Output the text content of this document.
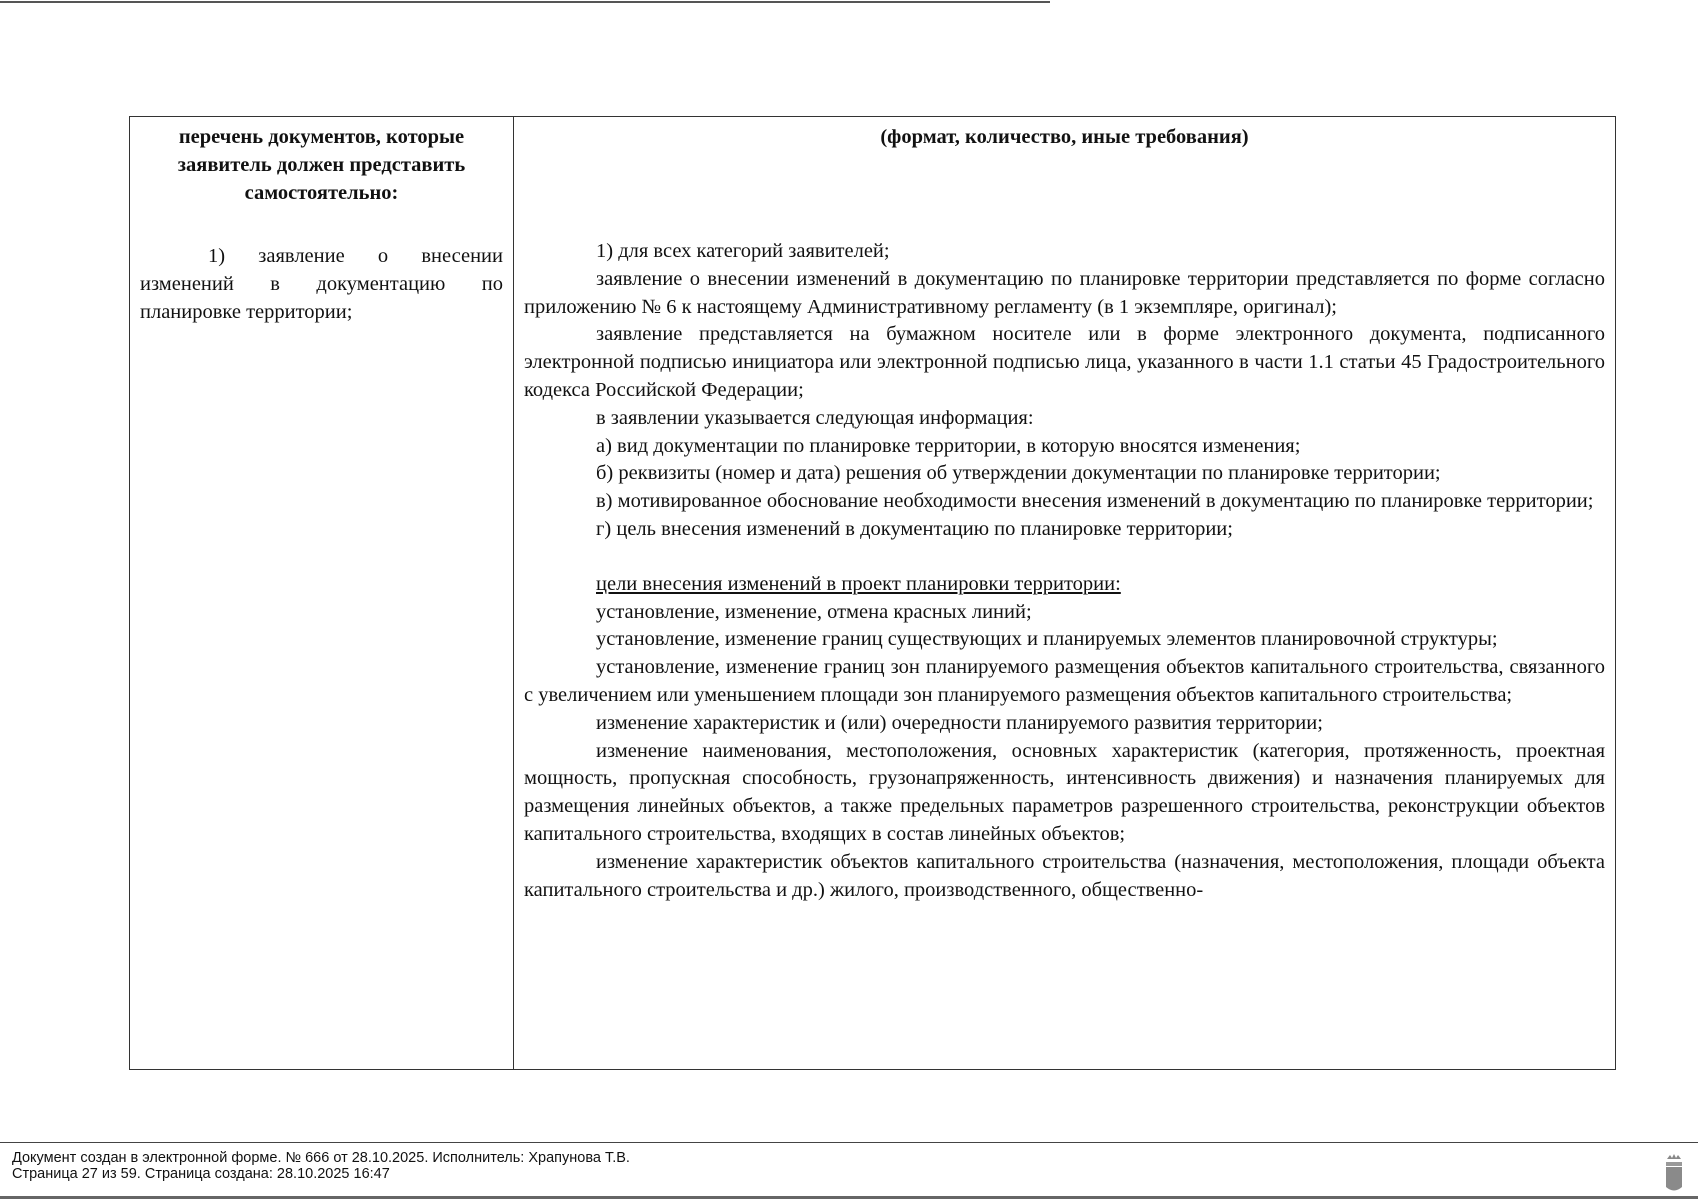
перечень документов, которые заявитель должен представить самостоятельно:

1) заявление о внесении изменений в документацию по планировке территории;

(формат, количество, иные требования)

1) для всех категорий заявителей;

заявление о внесении изменений в документацию по планировке территории представляется по форме согласно приложению № 6 к настоящему Административному регламенту (в 1 экземпляре, оригинал);

заявление представляется на бумажном носителе или в форме электронного документа, подписанного электронной подписью инициатора или электронной подписью лица, указанного в части 1.1 статьи 45 Градостроительного кодекса Российской Федерации;

в заявлении указывается следующая информация:

а) вид документации по планировке территории, в которую вносятся изменения;

б) реквизиты (номер и дата) решения об утверждении документации по планировке территории;

в) мотивированное обоснование необходимости внесения изменений в документацию по планировке территории;

г) цель внесения изменений в документацию по планировке территории;

цели внесения изменений в проект планировки территории:

установление, изменение, отмена красных линий;

установление, изменение границ существующих и планируемых элементов планировочной структуры;

установление, изменение границ зон планируемого размещения объектов капитального строительства, связанного с увеличением или уменьшением площади зон планируемого размещения объектов капитального строительства;

изменение характеристик и (или) очередности планируемого развития территории;

изменение наименования, местоположения, основных характеристик (категория, протяженность, проектная мощность, пропускная способность, грузонапряженность, интенсивность движения) и назначения планируемых для размещения линейных объектов, а также предельных параметров разрешенного строительства, реконструкции объектов капитального строительства, входящих в состав линейных объектов;

изменение характеристик объектов капитального строительства (назначения, местоположения, площади объекта капитального строительства и др.) жилого, производственного, общественно-

Документ создан в электронной форме. № 666 от 28.10.2025. Исполнитель: Храпунова Т.В.
Страница 27 из 59. Страница создана: 28.10.2025 16:47
